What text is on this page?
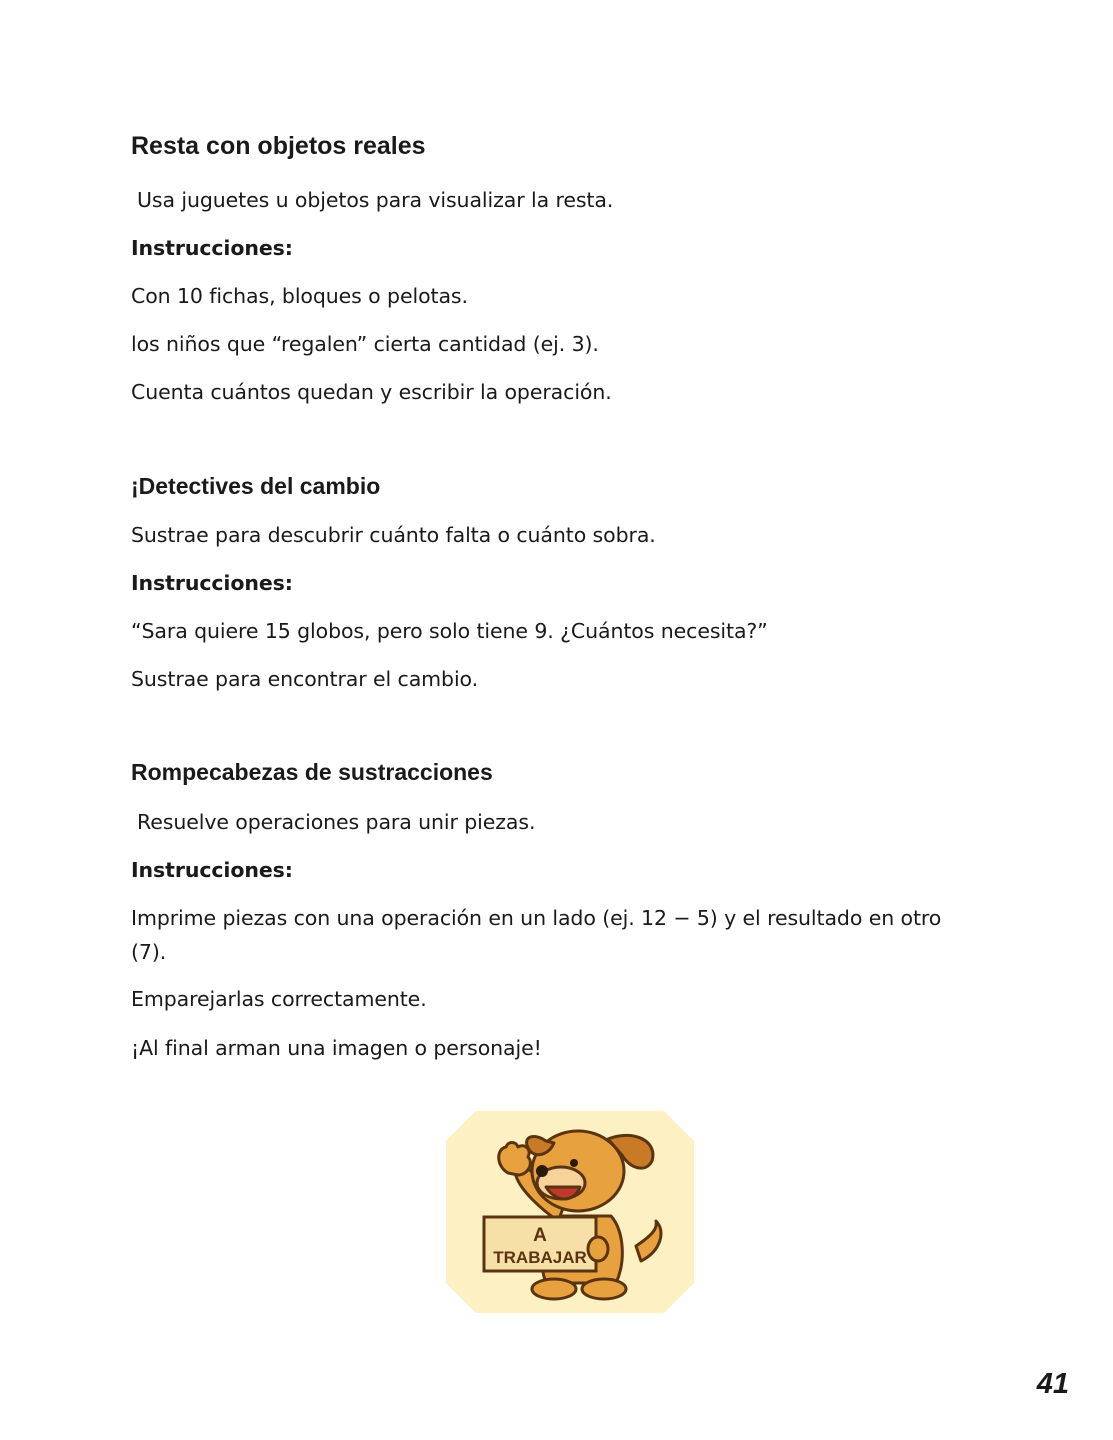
Resta con objetos reales

Usa juguetes u objetos para visualizar la resta.

Instrucciones:

Con 10 fichas, bloques o pelotas.

los niños que “regalen” cierta cantidad (ej. 3).

Cuenta cuántos quedan y escribir la operación.

¡Detectives del cambio

Sustrae para descubrir cuánto falta o cuánto sobra.

Instrucciones:

“Sara quiere 15 globos, pero solo tiene 9. ¿Cuántos necesita?”

Sustrae para encontrar el cambio.

Rompecabezas de sustracciones

Resuelve operaciones para unir piezas.

Instrucciones:

Imprime piezas con una operación en un lado (ej. 12 − 5) y el resultado en otro (7).

Emparejarlas correctamente.

¡Al final arman una imagen o personaje!

A
TRABAJAR
41
